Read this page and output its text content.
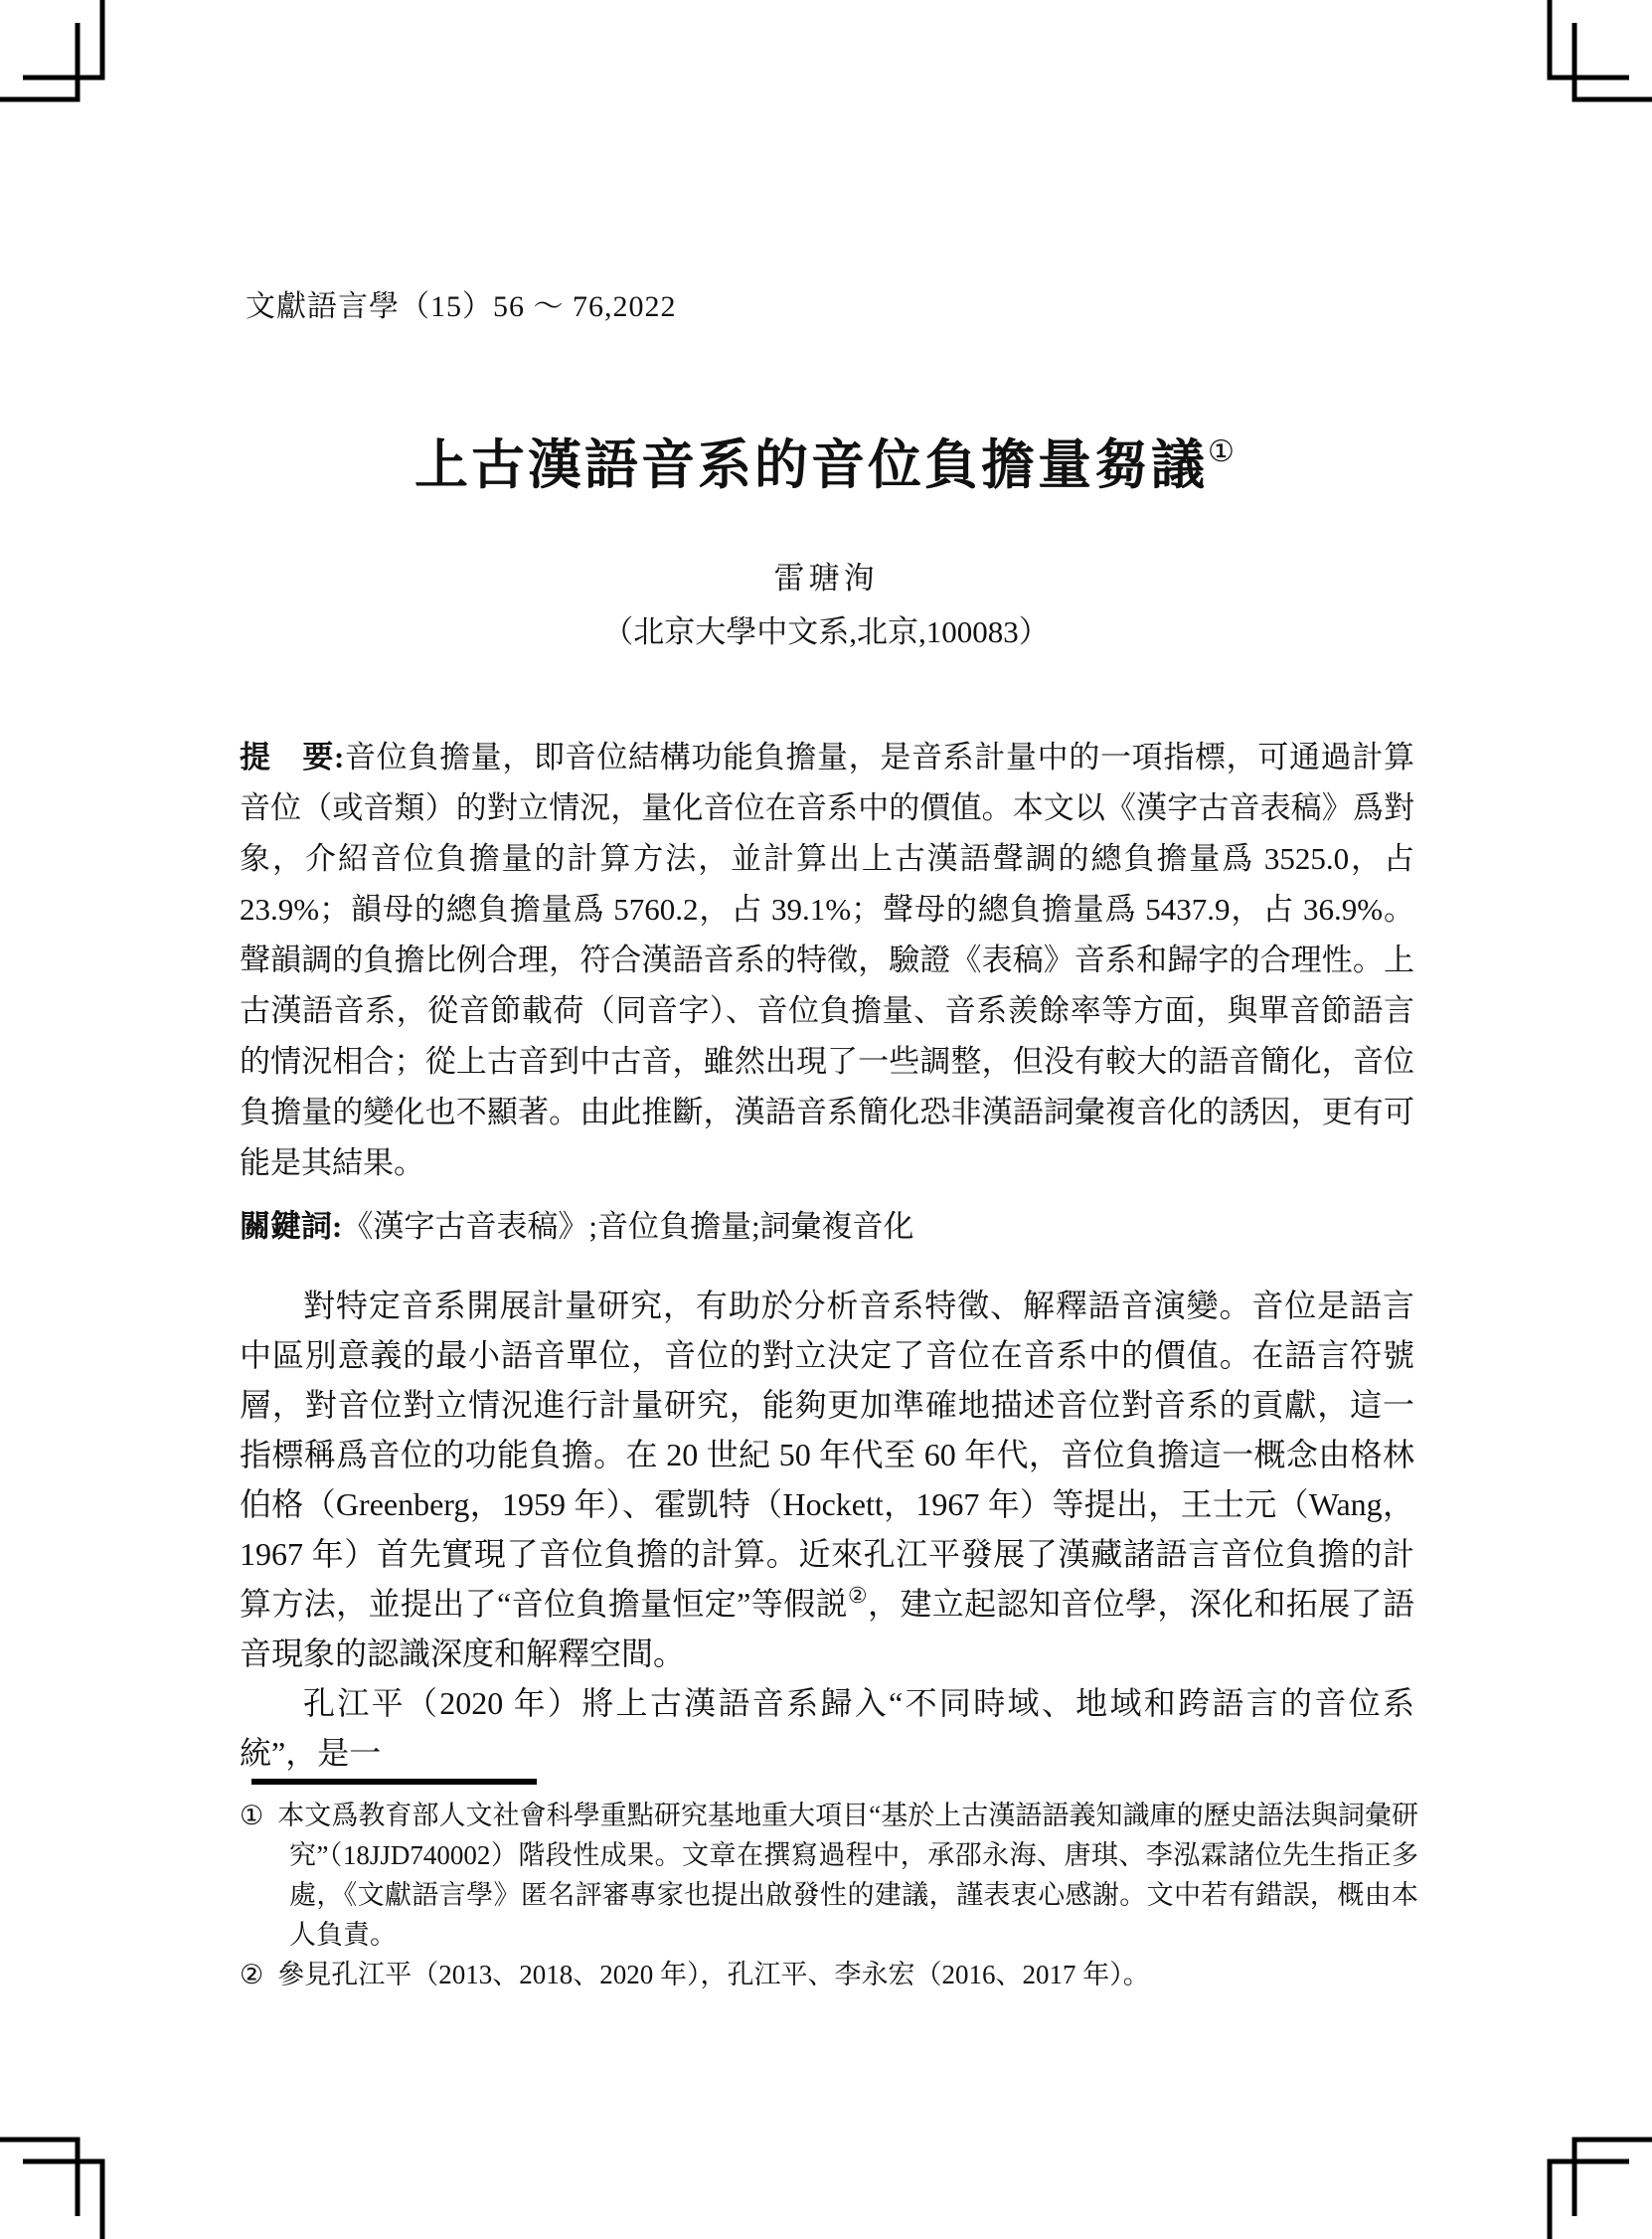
文獻語言學（15）56 ～ 76,2022
上古漢語音系的音位負擔量芻議①
雷瑭洵
（北京大學中文系,北京,100083）
提　要:音位負擔量，即音位結構功能負擔量，是音系計量中的一項指標，可通過計算音位（或音類）的對立情況，量化音位在音系中的價值。本文以《漢字古音表稿》爲對象，介紹音位負擔量的計算方法，並計算出上古漢語聲調的總負擔量爲 3525.0，占 23.9%；韻母的總負擔量爲 5760.2，占 39.1%；聲母的總負擔量爲 5437.9，占 36.9%。聲韻調的負擔比例合理，符合漢語音系的特徵，驗證《表稿》音系和歸字的合理性。上古漢語音系，從音節載荷（同音字）、音位負擔量、音系羨餘率等方面，與單音節語言的情況相合；從上古音到中古音，雖然出現了一些調整，但没有較大的語音簡化，音位負擔量的變化也不顯著。由此推斷，漢語音系簡化恐非漢語詞彙複音化的誘因，更有可能是其結果。
關鍵詞:《漢字古音表稿》;音位負擔量;詞彙複音化

對特定音系開展計量研究，有助於分析音系特徵、解釋語音演變。音位是語言中區別意義的最小語音單位，音位的對立決定了音位在音系中的價值。在語言符號層，對音位對立情況進行計量研究，能夠更加準確地描述音位對音系的貢獻，這一指標稱爲音位的功能負擔。在 20 世紀 50 年代至 60 年代，音位負擔這一概念由格林伯格（Greenberg，1959 年）、霍凱特（Hockett，1967 年）等提出，王士元（Wang，1967 年）首先實現了音位負擔的計算。近來孔江平發展了漢藏諸語言音位負擔的計算方法，並提出了“音位負擔量恒定”等假説②，建立起認知音位學，深化和拓展了語音現象的認識深度和解釋空間。

孔江平（2020 年）將上古漢語音系歸入“不同時域、地域和跨語言的音位系統”，是一

① 本文爲教育部人文社會科學重點研究基地重大項目“基於上古漢語語義知識庫的歷史語法與詞彙研究”（18JJD740002）階段性成果。文章在撰寫過程中，承邵永海、唐琪、李泓霖諸位先生指正多處，《文獻語言學》匿名評審專家也提出啟發性的建議，謹表衷心感謝。文中若有錯誤，概由本人負責。
② 參見孔江平（2013、2018、2020 年），孔江平、李永宏（2016、2017 年）。
